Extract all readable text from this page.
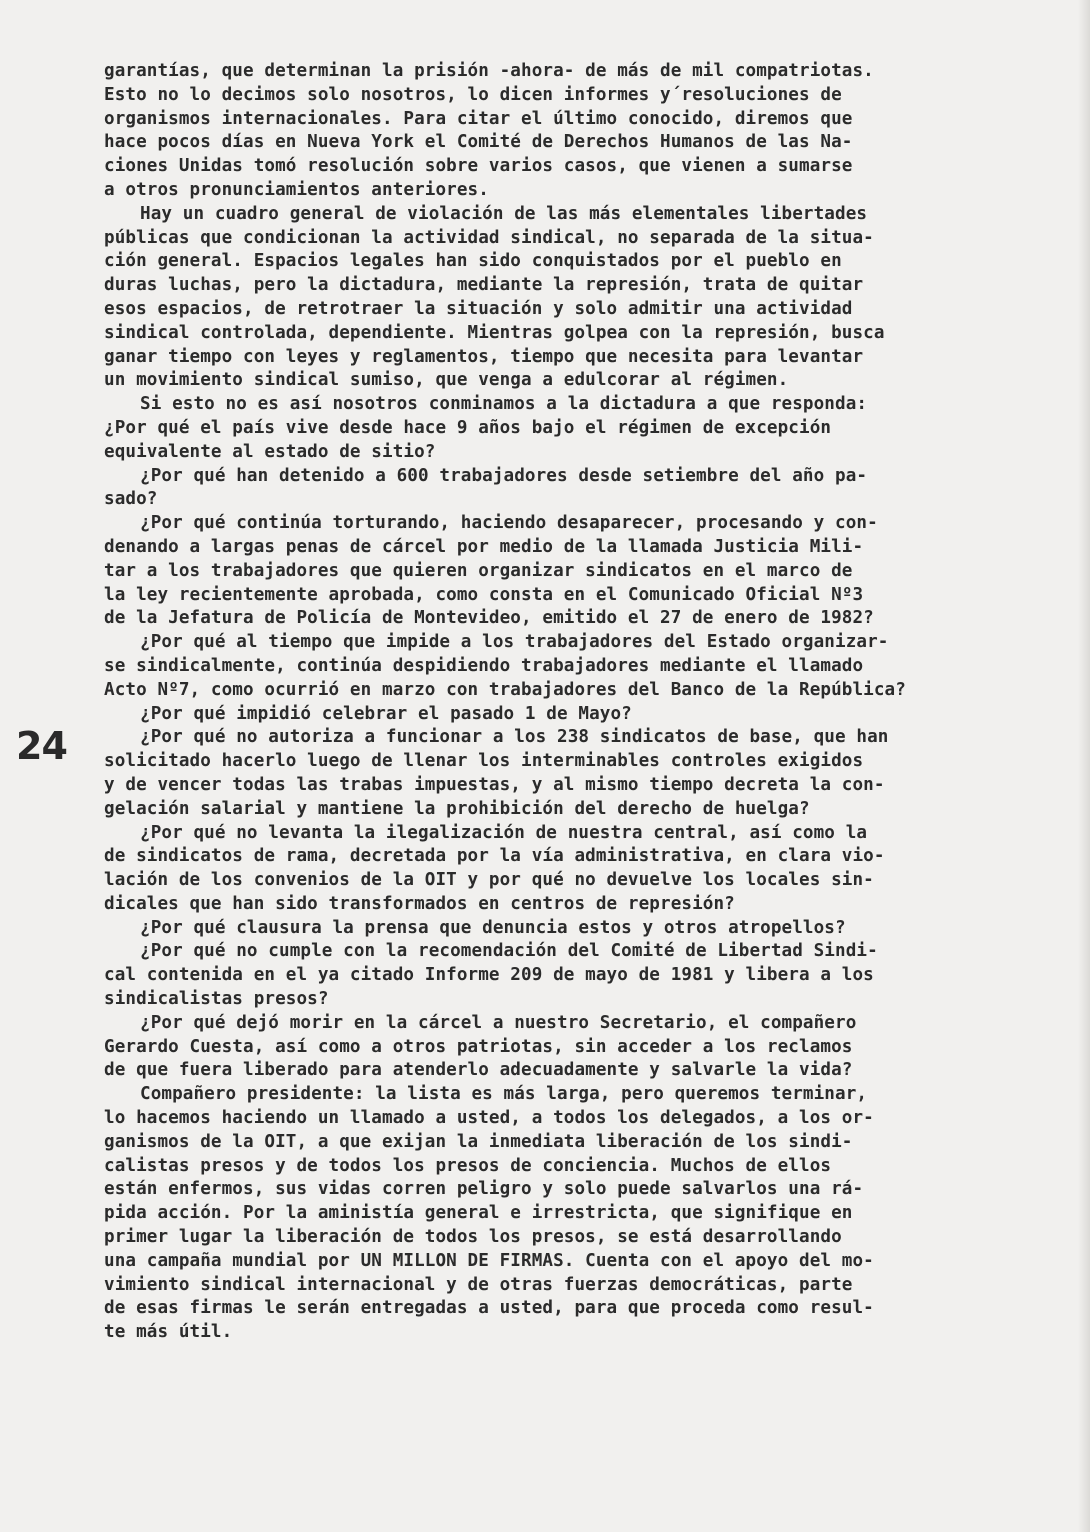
24

garantías, que determinan la prisión -ahora- de más de mil compatriotas.

Esto no lo decimos solo nosotros, lo dicen informes y´resoluciones de

organismos internacionales. Para citar el último conocido, diremos que

hace pocos días en Nueva York el Comité de Derechos Humanos de las Na-

ciones Unidas tomó resolución sobre varios casos, que vienen a sumarse

a otros pronunciamientos anteriores.

Hay un cuadro general de violación de las más elementales libertades

públicas que condicionan la actividad sindical, no separada de la situa-

ción general. Espacios legales han sido conquistados por el pueblo en

duras luchas, pero la dictadura, mediante la represión, trata de quitar

esos espacios, de retrotraer la situación y solo admitir una actividad

sindical controlada, dependiente. Mientras golpea con la represión, busca

ganar tiempo con leyes y reglamentos, tiempo que necesita para levantar

un movimiento sindical sumiso, que venga a edulcorar al régimen.

Si esto no es así nosotros conminamos a la dictadura a que responda:

¿Por qué el país vive desde hace 9 años bajo el régimen de excepción

equivalente al estado de sitio?

¿Por qué han detenido a 600 trabajadores desde setiembre del año pa-

sado?

¿Por qué continúa torturando, haciendo desaparecer, procesando y con-

denando a largas penas de cárcel por medio de la llamada Justicia Mili-

tar a los trabajadores que quieren organizar sindicatos en el marco de

la ley recientemente aprobada, como consta en el Comunicado Oficial Nº3

de la Jefatura de Policía de Montevideo, emitido el 27 de enero de 1982?

¿Por qué al tiempo que impide a los trabajadores del Estado organizar-

se sindicalmente, continúa despidiendo trabajadores mediante el llamado

Acto Nº7, como ocurrió en marzo con trabajadores del Banco de la República?

¿Por qué impidió celebrar el pasado 1 de Mayo?

¿Por qué no autoriza a funcionar a los 238 sindicatos de base, que han

solicitado hacerlo luego de llenar los interminables controles exigidos

y de vencer todas las trabas impuestas, y al mismo tiempo decreta la con-

gelación salarial y mantiene la prohibición del derecho de huelga?

¿Por qué no levanta la ilegalización de nuestra central, así como la

de sindicatos de rama, decretada por la vía administrativa, en clara vio-

lación de los convenios de la OIT y por qué no devuelve los locales sin-

dicales que han sido transformados en centros de represión?

¿Por qué clausura la prensa que denuncia estos y otros atropellos?

¿Por qué no cumple con la recomendación del Comité de Libertad Sindi-

cal contenida en el ya citado Informe 209 de mayo de 1981 y libera a los

sindicalistas presos?

¿Por qué dejó morir en la cárcel a nuestro Secretario, el compañero

Gerardo Cuesta, así como a otros patriotas, sin acceder a los reclamos

de que fuera liberado para atenderlo adecuadamente y salvarle la vida?

Compañero presidente: la lista es más larga, pero queremos terminar,

lo hacemos haciendo un llamado a usted, a todos los delegados, a los or-

ganismos de la OIT, a que exijan la inmediata liberación de los sindi-

calistas presos y de todos los presos de conciencia. Muchos de ellos

están enfermos, sus vidas corren peligro y solo puede salvarlos una rá-

pida acción. Por la aministía general e irrestricta, que signifique en

primer lugar la liberación de todos los presos, se está desarrollando

una campaña mundial por UN MILLON DE FIRMAS. Cuenta con el apoyo del mo-

vimiento sindical internacional y de otras fuerzas democráticas, parte

de esas firmas le serán entregadas a usted, para que proceda como resul-

te más útil.
